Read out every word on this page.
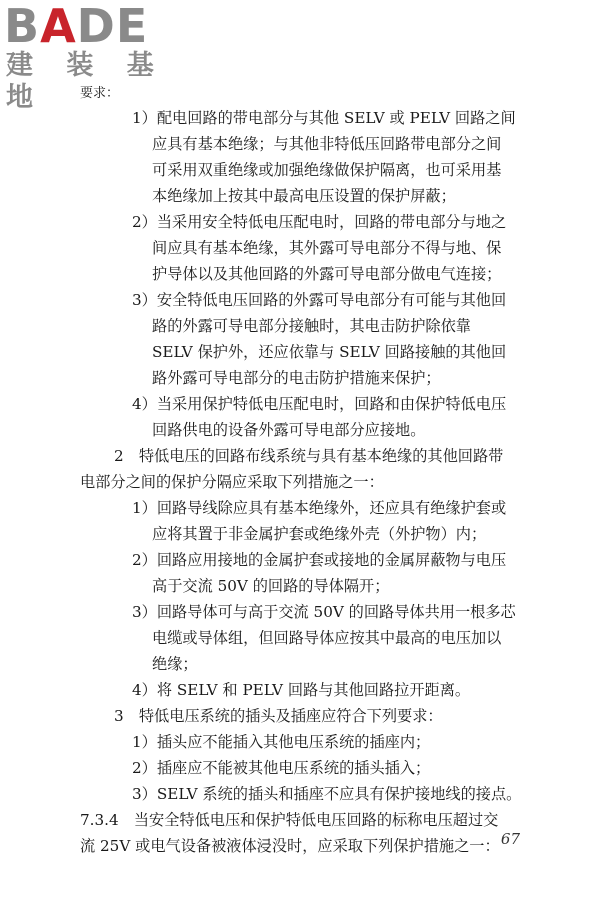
BADE
建 装 基 地	要求：
1）配电回路的带电部分与其他 SELV 或 PELV 回路之间
应具有基本绝缘；与其他非特低压回路带电部分之间
可采用双重绝缘或加强绝缘做保护隔离，也可采用基
本绝缘加上按其中最高电压设置的保护屏蔽；
2）当采用安全特低电压配电时，回路的带电部分与地之
间应具有基本绝缘，其外露可导电部分不得与地、保
护导体以及其他回路的外露可导电部分做电气连接；
3）安全特低电压回路的外露可导电部分有可能与其他回
路的外露可导电部分接触时，其电击防护除依靠
SELV 保护外，还应依靠与 SELV 回路接触的其他回
路外露可导电部分的电击防护措施来保护；
4）当采用保护特低电压配电时，回路和由保护特低电压
回路供电的设备外露可导电部分应接地。
2　特低电压的回路布线系统与具有基本绝缘的其他回路带
电部分之间的保护分隔应采取下列措施之一：
1）回路导线除应具有基本绝缘外，还应具有绝缘护套或
应将其置于非金属护套或绝缘外壳（外护物）内；
2）回路应用接地的金属护套或接地的金属屏蔽物与电压
高于交流 50V 的回路的导体隔开；
3）回路导体可与高于交流 50V 的回路导体共用一根多芯
电缆或导体组，但回路导体应按其中最高的电压加以
绝缘；
4）将 SELV 和 PELV 回路与其他回路拉开距离。
3　特低电压系统的插头及插座应符合下列要求：
1）插头应不能插入其他电压系统的插座内；
2）插座应不能被其他电压系统的插头插入；
3）SELV 系统的插头和插座不应具有保护接地线的接点。
7.3.4　当安全特低电压和保护特低电压回路的标称电压超过交
流 25V 或电气设备被液体浸没时，应采取下列保护措施之一： 67
